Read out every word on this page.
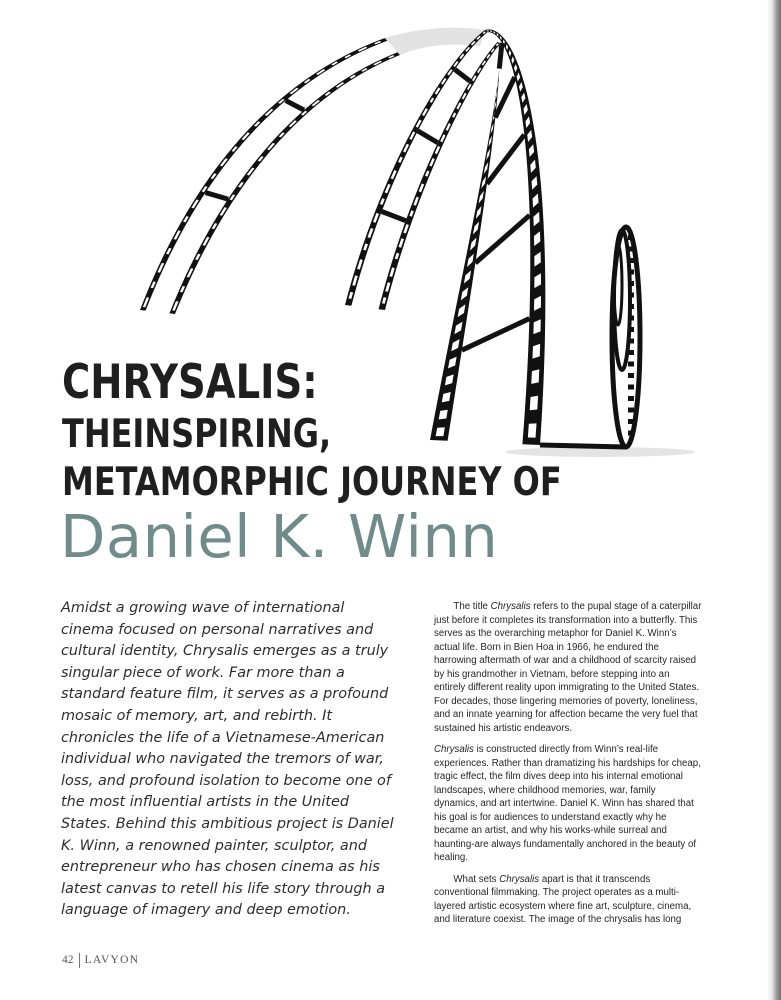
CHRYSALIS:
THEINSPIRING,
METAMORPHIC JOURNEY OF
Daniel K. Winn

Amidst a growing wave of international cinema focused on personal narratives and cultural identity, Chrysalis emerges as a truly singular piece of work. Far more than a standard feature film, it serves as a profound mosaic of memory, art, and rebirth. It chronicles the life of a Vietnamese-American individual who navigated the tremors of war, loss, and profound isolation to become one of the most influential artists in the United States. Behind this ambitious project is Daniel K. Winn, a renowned painter, sculptor, and entrepreneur who has chosen cinema as his latest canvas to retell his life story through a language of imagery and deep emotion.

The title Chrysalis refers to the pupal stage of a caterpillar just before it completes its transformation into a butterfly. This serves as the overarching metaphor for Daniel K. Winn’s actual life. Born in Bien Hoa in 1966, he endured the harrowing aftermath of war and a childhood of scarcity raised by his grandmother in Vietnam, before stepping into an entirely different reality upon immigrating to the United States. For decades, those lingering memories of poverty, loneliness, and an innate yearning for affection became the very fuel that sustained his artistic endeavors.

Chrysalis is constructed directly from Winn’s real-life experiences. Rather than dramatizing his hardships for cheap, tragic effect, the film dives deep into his internal emotional landscapes, where childhood memories, war, family dynamics, and art intertwine. Daniel K. Winn has shared that his goal is for audiences to understand exactly why he became an artist, and why his works-while surreal and haunting-are always fundamentally anchored in the beauty of healing.

What sets Chrysalis apart is that it transcends conventional filmmaking. The project operates as a multi-layered artistic ecosystem where fine art, sculpture, cinema, and literature coexist. The image of the chrysalis has long

42 LAVYON
